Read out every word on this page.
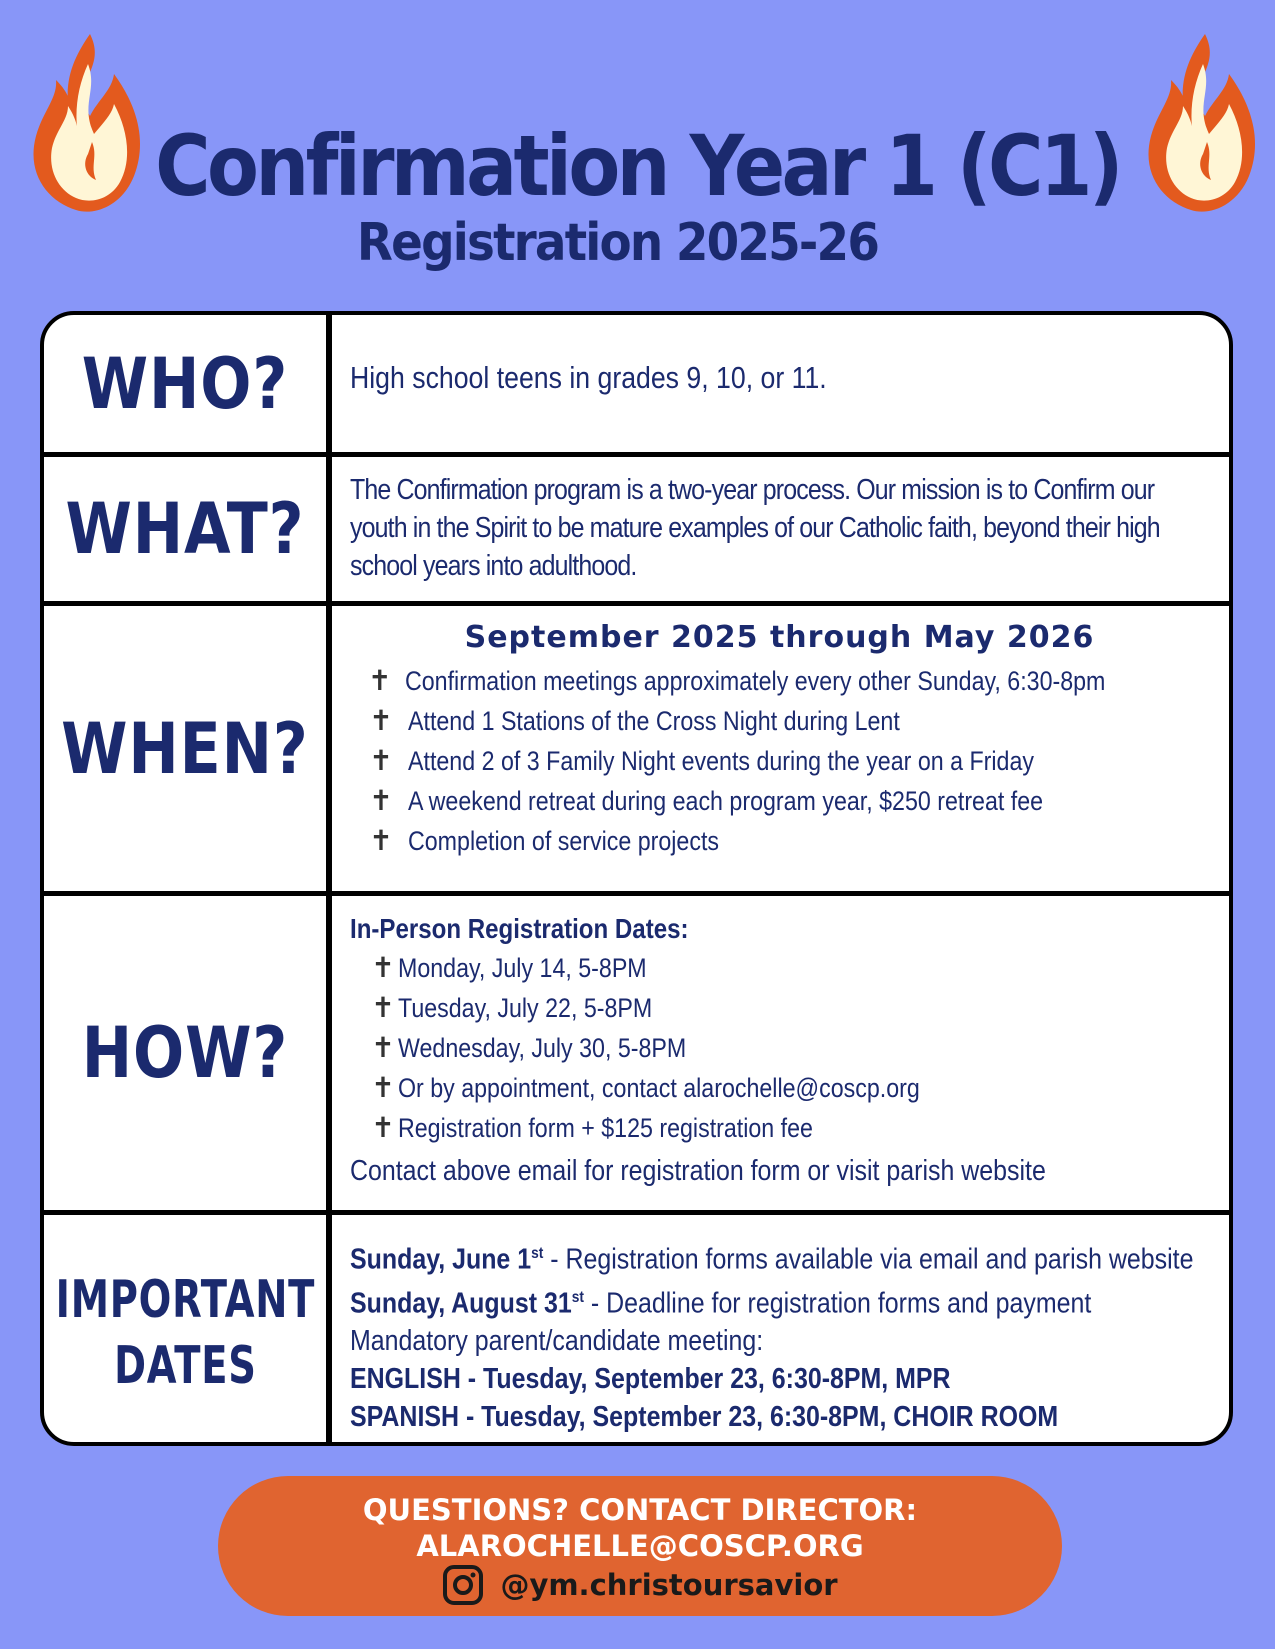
Confirmation Year 1 (C1)
Registration 2025-26
WHO? High school teens in grades 9, 10, or 11.
WHAT? The Confirmation program is a two-year process. Our mission is to Confirm our youth in the Spirit to be mature examples of our Catholic faith, beyond their high school years into adulthood.
WHEN?
September 2025 through May 2026
✝ Confirmation meetings approximately every other Sunday, 6:30-8pm
✝ Attend 1 Stations of the Cross Night during Lent
✝ Attend 2 of 3 Family Night events during the year on a Friday
✝ A weekend retreat during each program year, $250 retreat fee
✝ Completion of service projects
HOW?
In-Person Registration Dates:
✝ Monday, July 14, 5-8PM
✝ Tuesday, July 22, 5-8PM
✝ Wednesday, July 30, 5-8PM
✝ Or by appointment, contact alarochelle@coscp.org
✝ Registration form + $125 registration fee
Contact above email for registration form or visit parish website
IMPORTANT
DATES
Sunday, June 1st - Registration forms available via email and parish website
Sunday, August 31st - Deadline for registration forms and payment
Mandatory parent/candidate meeting:
ENGLISH - Tuesday, September 23, 6:30-8PM, MPR
SPANISH - Tuesday, September 23, 6:30-8PM, CHOIR ROOM
QUESTIONS? CONTACT DIRECTOR:
ALAROCHELLE@COSCP.ORG
@ym.christoursavior
